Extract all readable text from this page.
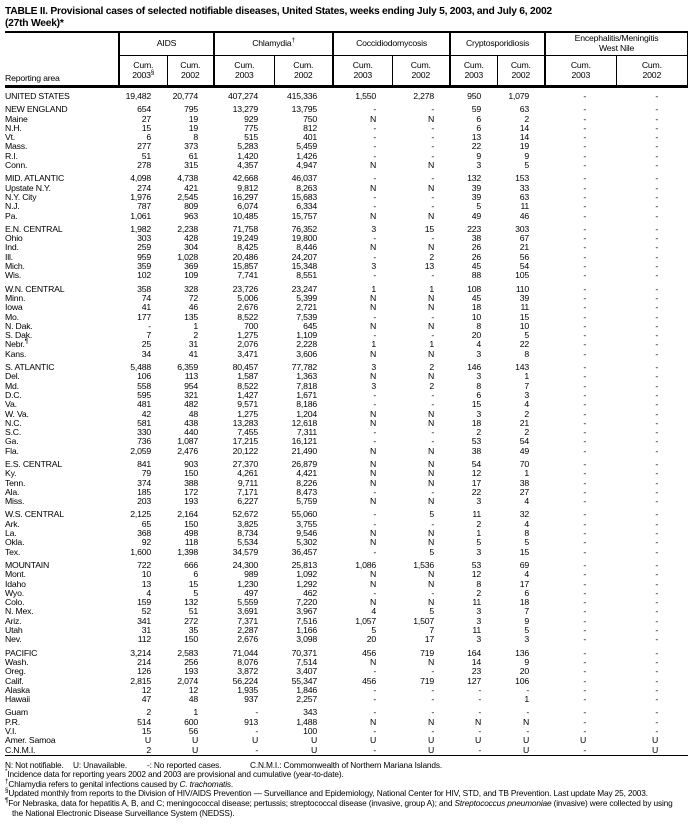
TABLE II. Provisional cases of selected notifiable diseases, United States, weeks ending July 5, 2003, and July 6, 2002
(27th Week)*
Reporting area	AIDS		Chlamydia†		Coccidiodomycosis		Cryptosporidiosis		Encephalitis/Meningitis
West Nile	

	Cum.
2003§	Cum.
2002	Cum.
2003	Cum.
2002	Cum.
2003	Cum.
2002	Cum.
2003	Cum.
2002	Cum.
2003	Cum.
2002

UNITED STATES	19,482	20,774	407,274	415,336	1,550	2,278	950	1,079	-	-

NEW ENGLAND	654	795	13,279	13,795	-	-	59	63	-	-
Maine	27	19	929	750	N	N	6	2	-	-
N.H.	15	19	775	812	-	-	6	14	-	-
Vt.	6	8	515	401	-	-	13	14	-	-
Mass.	277	373	5,283	5,459	-	-	22	19	-	-
R.I.	51	61	1,420	1,426	-	-	9	9	-	-
Conn.	278	315	4,357	4,947	N	N	3	5	-	-

MID. ATLANTIC	4,098	4,738	42,668	46,037	-	-	132	153	-	-
Upstate N.Y.	274	421	9,812	8,263	N	N	39	33	-	-
N.Y. City	1,976	2,545	16,297	15,683	-	-	39	63	-	-
N.J.	787	809	6,074	6,334	-	-	5	11	-	-
Pa.	1,061	963	10,485	15,757	N	N	49	46	-	-

E.N. CENTRAL	1,982	2,238	71,758	76,352	3	15	223	303	-	-
Ohio	303	428	19,249	19,800	-	-	38	67	-	-
Ind.	259	304	8,425	8,446	N	N	26	21	-	-
Ill.	959	1,028	20,486	24,207	-	2	26	56	-	-
Mich.	359	369	15,857	15,348	3	13	45	54	-	-
Wis.	102	109	7,741	8,551	-	-	88	105	-	-

W.N. CENTRAL	358	328	23,726	23,247	1	1	108	110	-	-
Minn.	74	72	5,006	5,399	N	N	45	39	-	-
Iowa	41	46	2,676	2,721	N	N	18	11	-	-
Mo.	177	135	8,522	7,539	-	-	10	15	-	-
N. Dak.	-	1	700	645	N	N	8	10	-	-
S. Dak.	7	2	1,275	1,109	-	-	20	5	-	-
Nebr.¶	25	31	2,076	2,228	1	1	4	22	-	-
Kans.	34	41	3,471	3,606	N	N	3	8	-	-

S. ATLANTIC	5,488	6,359	80,457	77,782	3	2	146	143	-	-
Del.	106	113	1,587	1,363	N	N	3	1	-	-
Md.	558	954	8,522	7,818	3	2	8	7	-	-
D.C.	595	321	1,427	1,671	-	-	6	3	-	-
Va.	481	482	9,571	8,186	-	-	15	4	-	-
W. Va.	42	48	1,275	1,204	N	N	3	2	-	-
N.C.	581	438	13,283	12,618	N	N	18	21	-	-
S.C.	330	440	7,455	7,311	-	-	2	2	-	-
Ga.	736	1,087	17,215	16,121	-	-	53	54	-	-
Fla.	2,059	2,476	20,122	21,490	N	N	38	49	-	-

E.S. CENTRAL	841	903	27,370	26,879	N	N	54	70	-	-
Ky.	79	150	4,261	4,421	N	N	12	1	-	-
Tenn.	374	388	9,711	8,226	N	N	17	38	-	-
Ala.	185	172	7,171	8,473	-	-	22	27	-	-
Miss.	203	193	6,227	5,759	N	N	3	4	-	-

W.S. CENTRAL	2,125	2,164	52,672	55,060	-	5	11	32	-	-
Ark.	65	150	3,825	3,755	-	-	2	4	-	-
La.	368	498	8,734	9,546	N	N	1	8	-	-
Okla.	92	118	5,534	5,302	N	N	5	5	-	-
Tex.	1,600	1,398	34,579	36,457	-	5	3	15	-	-

MOUNTAIN	722	666	24,300	25,813	1,086	1,536	53	69	-	-
Mont.	10	6	989	1,092	N	N	12	4	-	-
Idaho	13	15	1,230	1,292	N	N	8	17	-	-
Wyo.	4	5	497	462	-	-	2	6	-	-
Colo.	159	132	5,559	7,220	N	N	11	18	-	-
N. Mex.	52	51	3,691	3,967	4	5	3	7	-	-
Ariz.	341	272	7,371	7,516	1,057	1,507	3	9	-	-
Utah	31	35	2,287	1,166	5	7	11	5	-	-
Nev.	112	150	2,676	3,098	20	17	3	3	-	-

PACIFIC	3,214	2,583	71,044	70,371	456	719	164	136	-	-
Wash.	214	256	8,076	7,514	N	N	14	9	-	-
Oreg.	126	193	3,872	3,407	-	-	23	20	-	-
Calif.	2,815	2,074	56,224	55,347	456	719	127	106	-	-
Alaska	12	12	1,935	1,846	-	-	-	-	-	-
Hawaii	47	48	937	2,257	-	-	-	1	-	-

Guam	2	1	-	343	-	-	-	-	-	-
P.R.	514	600	913	1,488	N	N	N	N	-	-
V.I.	15	56	-	100	-	-	-	-	-	-
Amer. Samoa	U	U	U	U	U	U	U	U	U	U
C.N.M.I.	2	U	-	U	-	U	-	U	-	U
N: Not notifiable. U: Unavailable. -: No reported cases.	C.N.M.I.: Commonwealth of Northern Mariana Islands.

*Incidence data for reporting years 2002 and 2003 are provisional and cumulative (year-to-date).

†Chlamydia refers to genital infections caused by C. trachomatis.

§Updated monthly from reports to the Division of HIV/AIDS Prevention — Surveillance and Epidemiology, National Center for HIV, STD, and TB Prevention. Last update May 25, 2003.

¶For Nebraska, data for hepatitis A, B, and C; meningococcal disease; pertussis; streptococcal disease (invasive, group A); and Streptococcus pneumoniae (invasive) were collected by using the National Electronic Disease Surveillance System (NEDSS).
